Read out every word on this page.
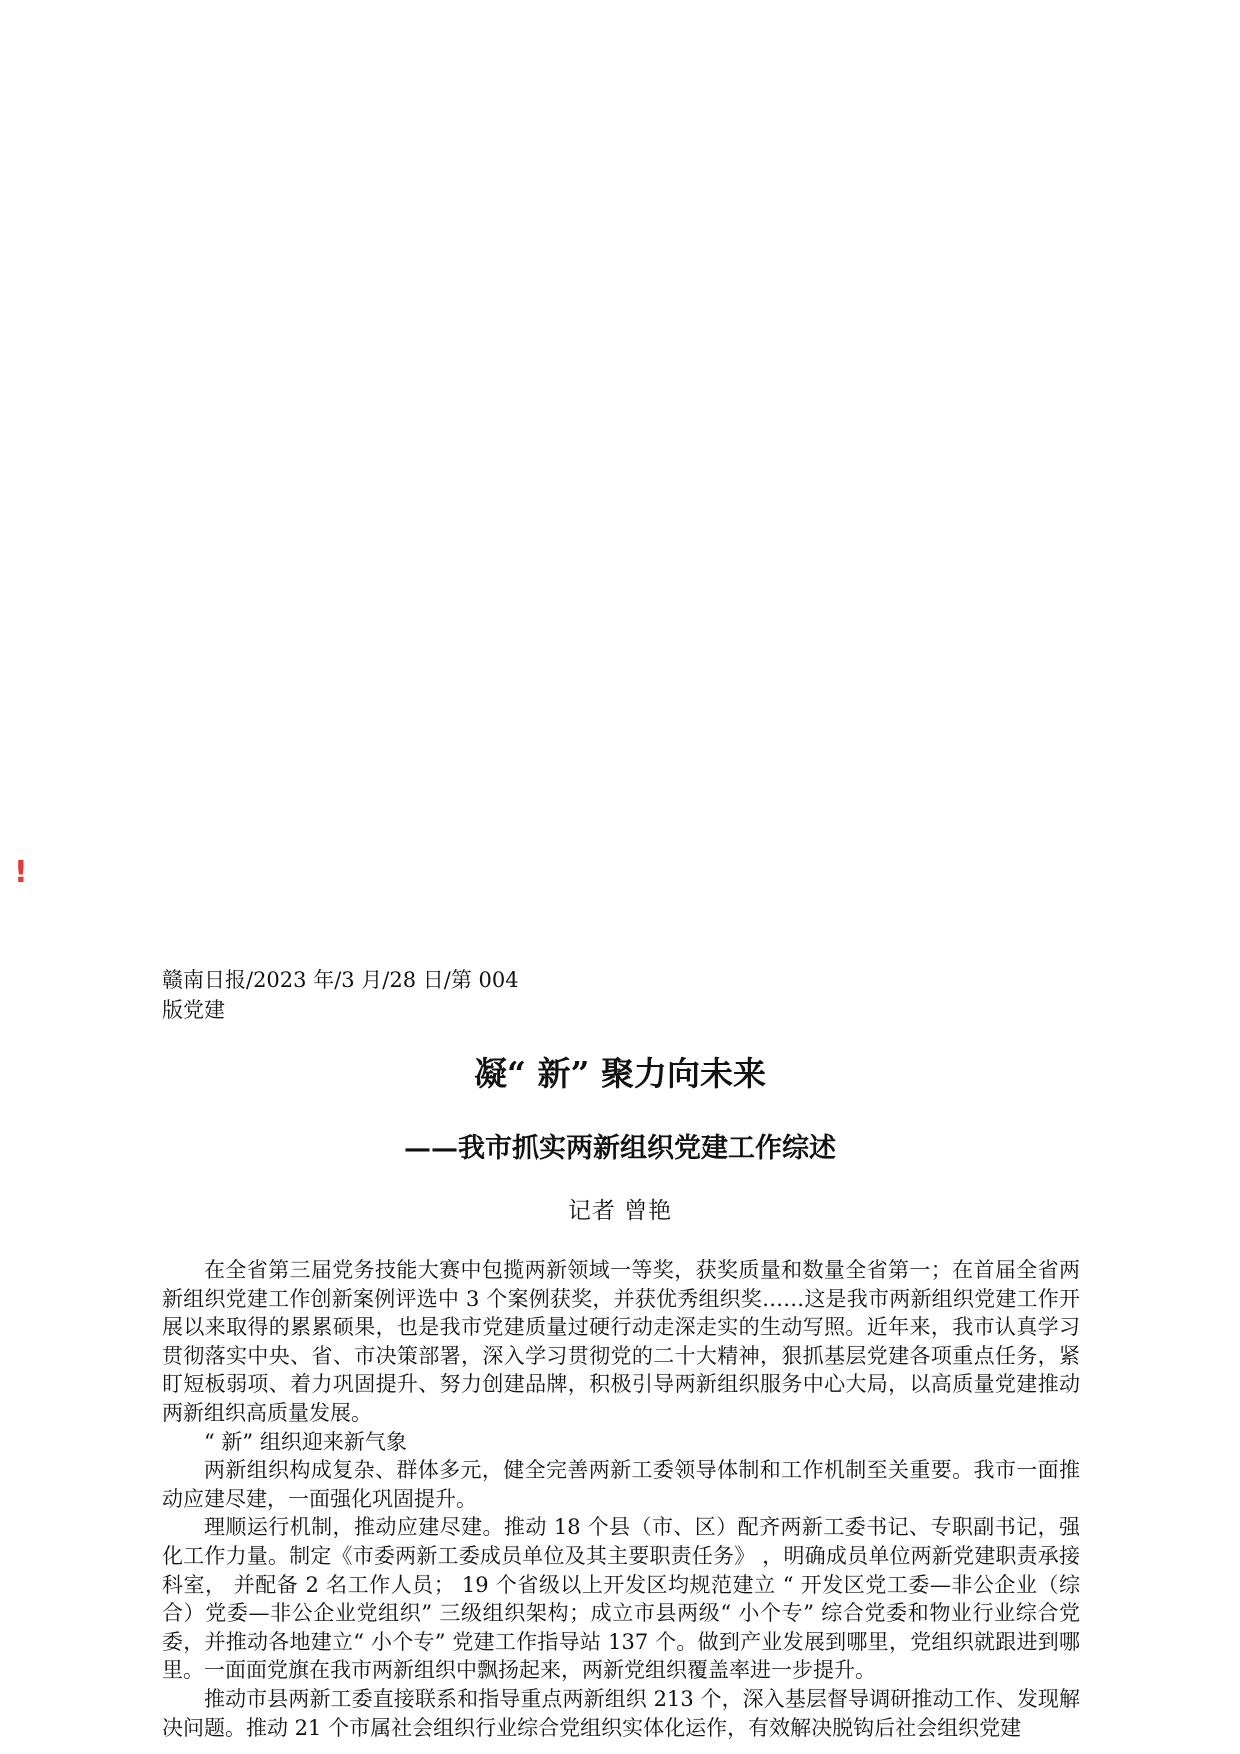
!
赣南日报/2023 年/3 月/28 日/第 004
版党建
凝“ 新” 聚力向未来
——我市抓实两新组织党建工作综述
记者 曾艳

在全省第三届党务技能大赛中包揽两新领域一等奖，获奖质量和数量全省第一；在首届全省两新组织党建工作创新案例评选中 3 个案例获奖，并获优秀组织奖……这是我市两新组织党建工作开展以来取得的累累硕果，也是我市党建质量过硬行动走深走实的生动写照。近年来，我市认真学习贯彻落实中央、省、市决策部署，深入学习贯彻党的二十大精神，狠抓基层党建各项重点任务，紧盯短板弱项、着力巩固提升、努力创建品牌，积极引导两新组织服务中心大局，以高质量党建推动两新组织高质量发展。

“ 新” 组织迎来新气象

两新组织构成复杂、群体多元，健全完善两新工委领导体制和工作机制至关重要。我市一面推动应建尽建，一面强化巩固提升。

理顺运行机制，推动应建尽建。推动 18 个县（市、区）配齐两新工委书记、专职副书记，强化工作力量。制定《市委两新工委成员单位及其主要职责任务》 ，明确成员单位两新党建职责承接科室， 并配备 2 名工作人员； 19 个省级以上开发区均规范建立 “ 开发区党工委—非公企业（综合）党委—非公企业党组织” 三级组织架构；成立市县两级“ 小个专” 综合党委和物业行业综合党委，并推动各地建立“ 小个专” 党建工作指导站 137 个。做到产业发展到哪里，党组织就跟进到哪里。一面面党旗在我市两新组织中飘扬起来，两新党组织覆盖率进一步提升。

推动市县两新工委直接联系和指导重点两新组织 213 个，深入基层督导调研推动工作、发现解决问题。推动 21 个市属社会组织行业综合党组织实体化运作，有效解决脱钩后社会组织党建
